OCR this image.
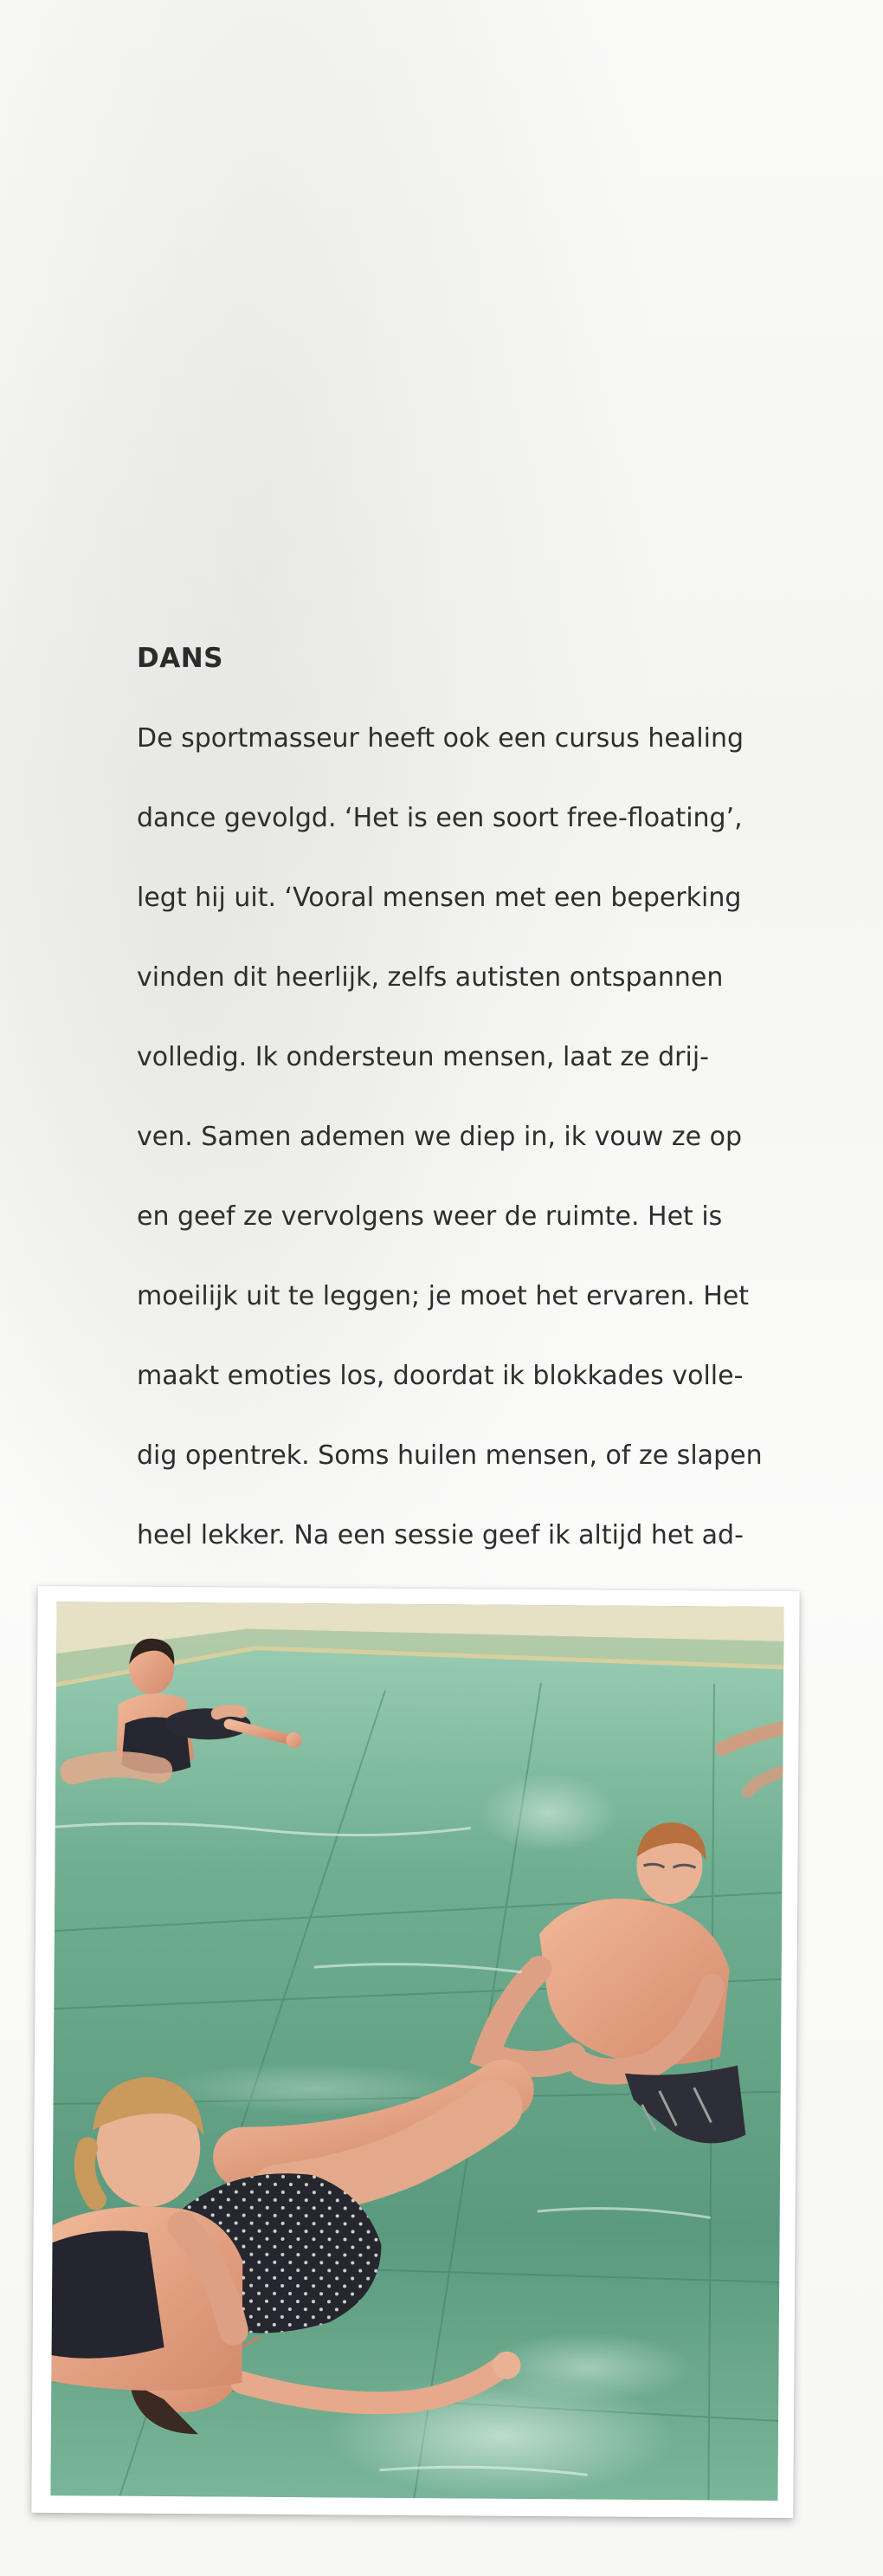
DANS

De sportmasseur heeft ook een cursus healing

dance gevolgd. ‘Het is een soort free-floating’,

legt hij uit. ‘Vooral mensen met een beperking

vinden dit heerlijk, zelfs autisten ontspannen

volledig. Ik ondersteun mensen, laat ze drij-

ven. Samen ademen we diep in, ik vouw ze op

en geef ze vervolgens weer de ruimte. Het is

moeilijk uit te leggen; je moet het ervaren. Het

maakt emoties los, doordat ik blokkades volle-

dig opentrek. Soms huilen mensen, of ze slapen

heel lekker. Na een sessie geef ik altijd het ad-
